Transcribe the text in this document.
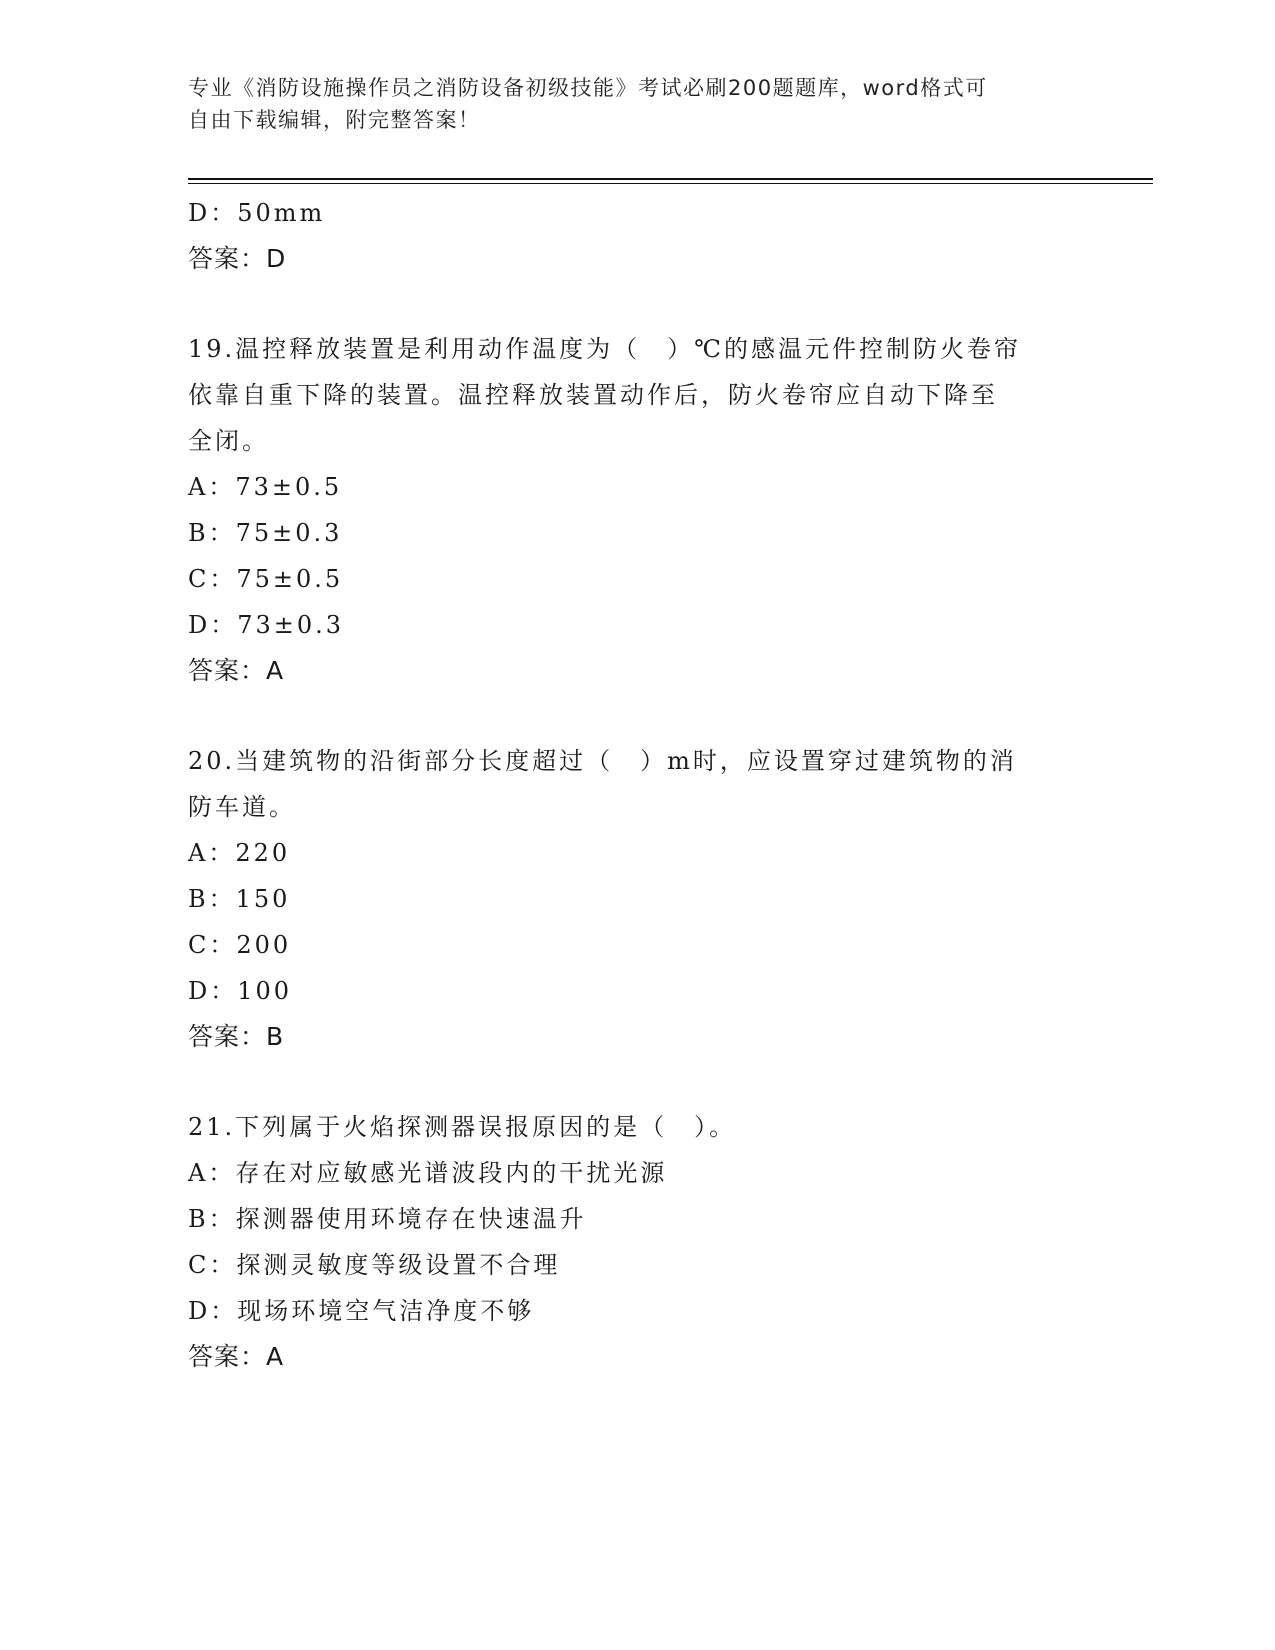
专业《消防设施操作员之消防设备初级技能》考试必刷200题题库，word格式可
自由下载编辑，附完整答案！
D：50mm
答案：D
19.温控释放装置是利用动作温度为（　）℃的感温元件控制防火卷帘
依靠自重下降的装置。温控释放装置动作后，防火卷帘应自动下降至
全闭。
A：73±0.5
B：75±0.3
C：75±0.5
D：73±0.3
答案：A
20.当建筑物的沿街部分长度超过（　）m时，应设置穿过建筑物的消
防车道。
A：220
B：150
C：200
D：100
答案：B
21.下列属于火焰探测器误报原因的是（　）。
A：存在对应敏感光谱波段内的干扰光源
B：探测器使用环境存在快速温升
C：探测灵敏度等级设置不合理
D：现场环境空气洁净度不够
答案：A
